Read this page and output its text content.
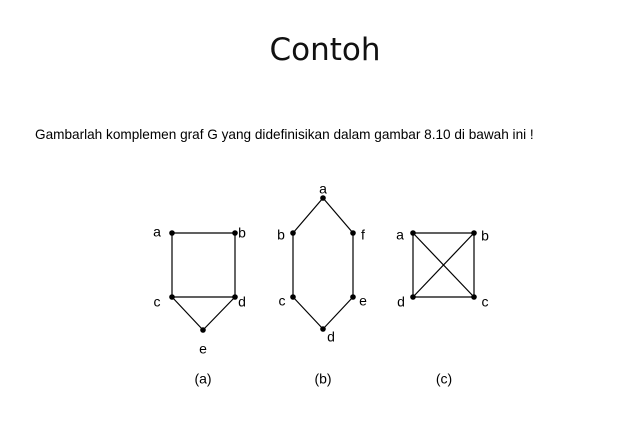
Contoh
Gambarlah komplemen graf G yang didefinisikan dalam gambar 8.10 di bawah ini !
a	b
c	d
e
(a)
a
b	f
c	e
d
(b)
a	b
d	c
(c)
